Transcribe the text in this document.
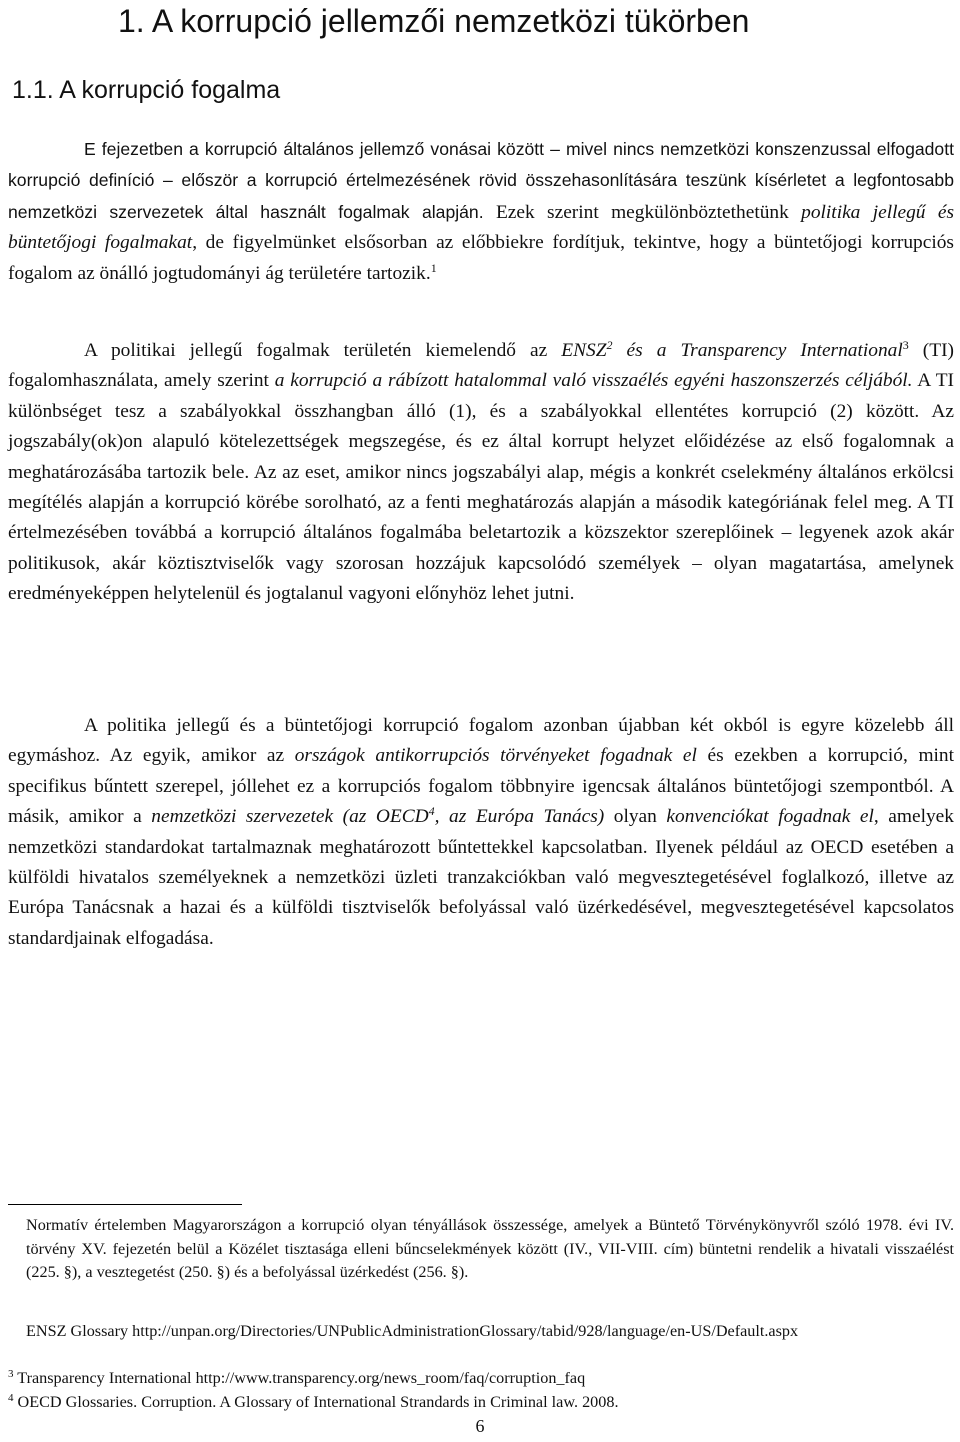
1. A korrupció jellemzői nemzetközi tükörben
1.1. A korrupció fogalma

E fejezetben a korrupció általános jellemző vonásai között – mivel nincs nemzetközi konszenzussal elfogadott korrupció definíció – először a korrupció értelmezésének rövid összehasonlítására teszünk kísérletet a legfontosabb nemzetközi szervezetek által használt fogalmak alapján. Ezek szerint megkülönböztethetünk politika jellegű és büntetőjogi fogalmakat, de figyelmünket elsősorban az előbbiekre fordítjuk, tekintve, hogy a büntetőjogi korrupciós fogalom az önálló jogtudományi ág területére tartozik.$^1$

A politikai jellegű fogalmak területén kiemelendő az ENSZ$^2$ és a Transparency International$^3$ (TI) fogalomhasználata, amely szerint a korrupció a rábízott hatalommal való visszaélés egyéni haszonszerzés céljából. A TI különbséget tesz a szabályokkal összhangban álló (1), és a szabályokkal ellentétes korrupció (2) között. Az jogszabály(ok)on alapuló kötelezettségek megszegése, és ez által korrupt helyzet előidézése az első fogalomnak a meghatározásába tartozik bele. Az az eset, amikor nincs jogszabályi alap, mégis a konkrét cselekmény általános erkölcsi megítélés alapján a korrupció körébe sorolható, az a fenti meghatározás alapján a második kategóriának felel meg. A TI értelmezésében továbbá a korrupció általános fogalmába beletartozik a közszektor szereplőinek – legyenek azok akár politikusok, akár köztisztviselők vagy szorosan hozzájuk kapcsolódó személyek – olyan magatartása, amelynek eredményeképpen helytelenül és jogtalanul vagyoni előnyhöz lehet jutni.

A politika jellegű és a büntetőjogi korrupció fogalom azonban újabban két okból is egyre közelebb áll egymáshoz. Az egyik, amikor az országok antikorrupciós törvényeket fogadnak el és ezekben a korrupció, mint specifikus bűntett szerepel, jóllehet ez a korrupciós fogalom többnyire igencsak általános büntetőjogi szempontból. A másik, amikor a nemzetközi szervezetek (az OECD$^4$, az Európa Tanács) olyan konvenciókat fogadnak el, amelyek nemzetközi standardokat tartalmaznak meghatározott bűntettekkel kapcsolatban. Ilyenek például az OECD esetében a külföldi hivatalos személyeknek a nemzetközi üzleti tranzakciókban való megvesztegetésével foglalkozó, illetve az Európa Tanácsnak a hazai és a külföldi tisztviselők befolyással való üzérkedésével, megvesztegetésével kapcsolatos standardjainak elfogadása.

Normatív értelemben Magyarországon a korrupció olyan tényállások összessége, amelyek a Büntető Törvénykönyvről szóló 1978. évi IV. törvény XV. fejezetén belül a Közélet tisztasága elleni bűncselekmények között (IV., VII-VIII. cím) büntetni rendelik a hivatali visszaélést (225. §), a vesztegetést (250. §) és a befolyással üzérkedést (256. §).

ENSZ Glossary http://unpan.org/Directories/UNPublicAdministrationGlossary/tabid/928/language/en-US/Default.aspx

$^3$ Transparency International http://www.transparency.org/news_room/faq/corruption_faq

$^4$ OECD Glossaries. Corruption. A Glossary of International Strandards in Criminal law. 2008.

6
